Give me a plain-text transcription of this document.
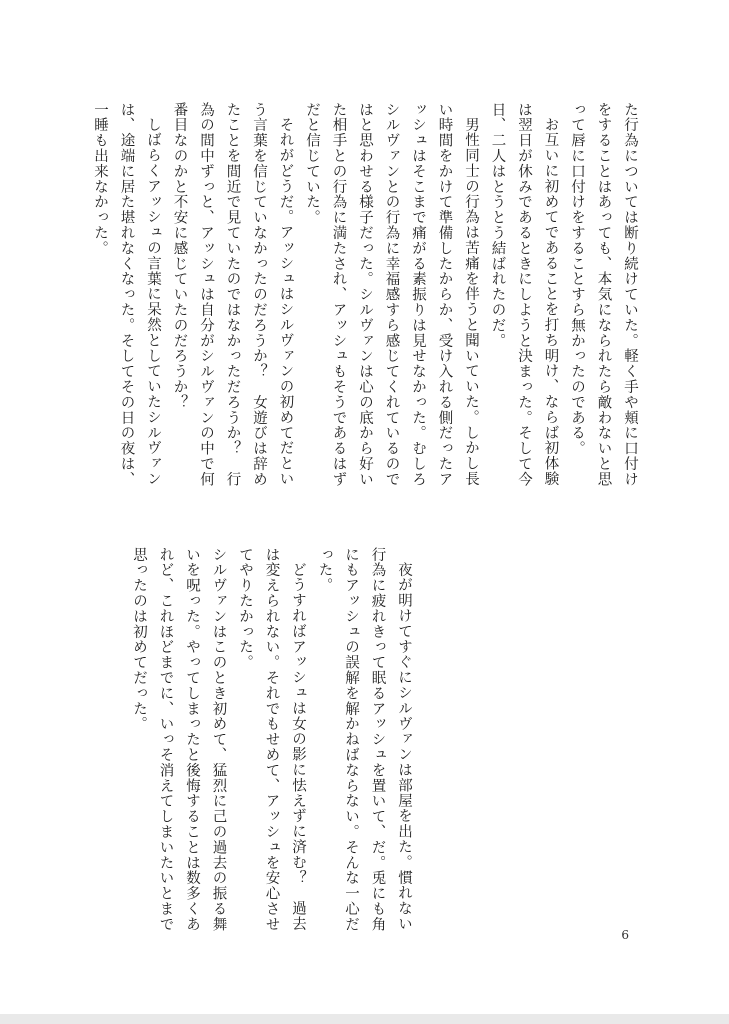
た行為については断り続けていた。軽く手や頬に口付けをすることはあっても、本気になられたら敵わないと思って唇に口付けをすることすら無かったのである。

お互いに初めてであることを打ち明け、ならば初体験は翌日が休みであるときにしようと決まった。そして今日、二人はとうとう結ばれたのだ。

男性同士の行為は苦痛を伴うと聞いていた。しかし長い時間をかけて準備したからか、受け入れる側だったアッシュはそこまで痛がる素振りは見せなかった。むしろシルヴァンとの行為に幸福感すら感じてくれているのではと思わせる様子だった。シルヴァンは心の底から好いた相手との行為に満たされ、アッシュもそうであるはずだと信じていた。

それがどうだ。アッシュはシルヴァンの初めてだという言葉を信じていなかったのだろうか？　女遊びは辞めたことを間近で見ていたのではなかっただろうか？　行為の間中ずっと、アッシュは自分がシルヴァンの中で何番目なのかと不安に感じていたのだろうか？

しばらくアッシュの言葉に呆然としていたシルヴァンは、途端に居た堪れなくなった。そしてその日の夜は、一睡も出来なかった。

夜が明けてすぐにシルヴァンは部屋を出た。慣れない行為に疲れきって眠るアッシュを置いて、だ。兎にも角にもアッシュの誤解を解かねばならない。そんな一心だった。

どうすればアッシュは女の影に怯えずに済む？　過去は変えられない。それでもせめて、アッシュを安心させてやりたかった。

シルヴァンはこのとき初めて、猛烈に己の過去の振る舞いを呪った。やってしまったと後悔することは数多くあれど、これほどまでに、いっそ消えてしまいたいとまで思ったのは初めてだった。

6
